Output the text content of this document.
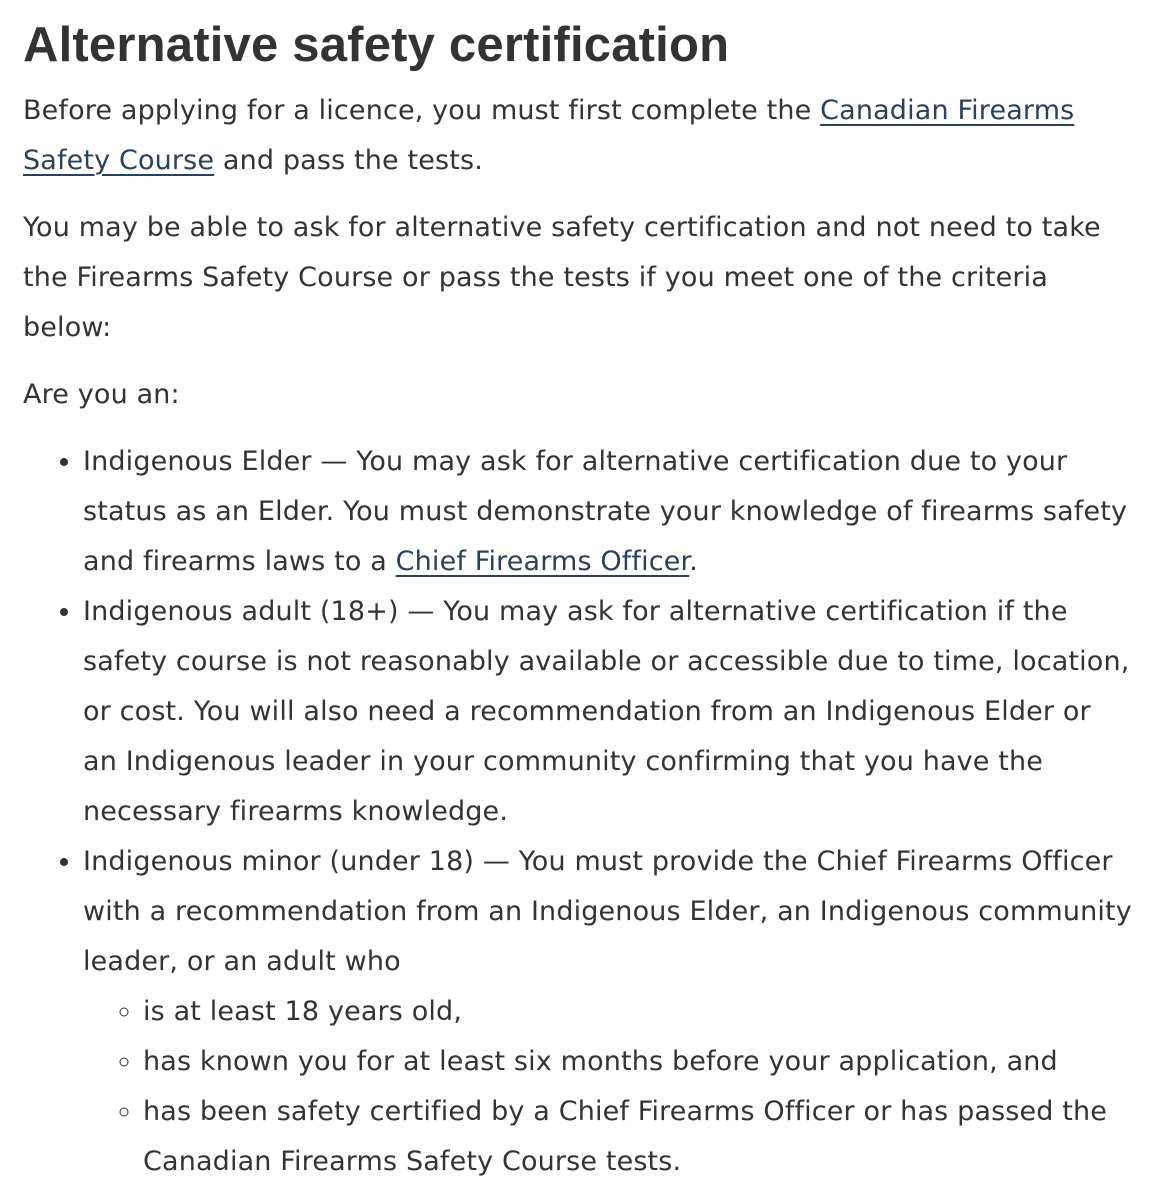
Alternative safety certification

Before applying for a licence, you must first complete the Canadian Firearms Safety Course and pass the tests.

You may be able to ask for alternative safety certification and not need to take the Firearms Safety Course or pass the tests if you meet one of the criteria below:

Are you an:

• Indigenous Elder — You may ask for alternative certification due to your status as an Elder. You must demonstrate your knowledge of firearms safety and firearms laws to a Chief Firearms Officer.
• Indigenous adult (18+) — You may ask for alternative certification if the safety course is not reasonably available or accessible due to time, location, or cost. You will also need a recommendation from an Indigenous Elder or an Indigenous leader in your community confirming that you have the necessary firearms knowledge.
• Indigenous minor (under 18) — You must provide the Chief Firearms Officer with a recommendation from an Indigenous Elder, an Indigenous community leader, or an adult who
◦ is at least 18 years old,
◦ has known you for at least six months before your application, and
◦ has been safety certified by a Chief Firearms Officer or has passed the Canadian Firearms Safety Course tests.
